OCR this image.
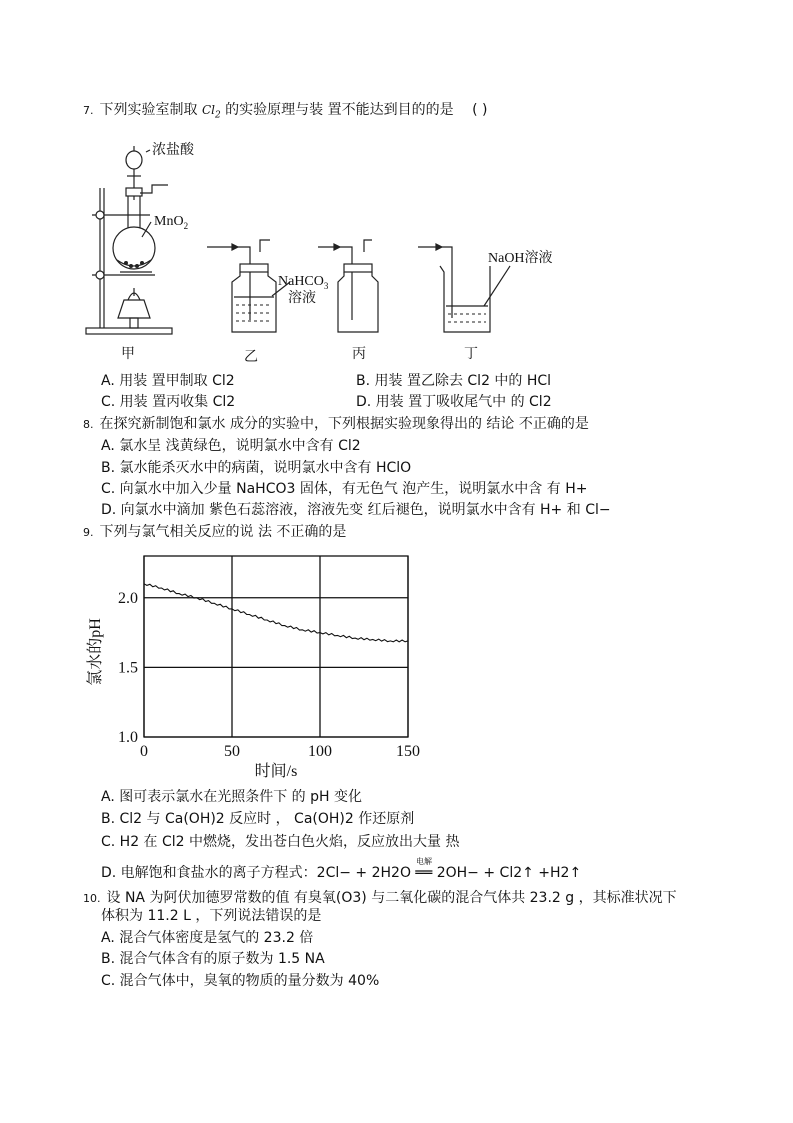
7. 下列实验室制取 $Cl_2$ 的实验原理与装 置不能达到目的的是 ( )
浓盐酸
MnO$_2$
NaHCO$_3$
溶液
NaOH溶液
甲	乙	丙	丁
A. 用装 置甲制取 Cl2	B. 用装 置乙除去 Cl2 中的 HCl
C. 用装 置丙收集 Cl2	D. 用装 置丁吸收尾气中 的 Cl2
8. 在探究新制饱和氯水 成分的实验中，下列根据实验现象得出的 结论 不正确的是
A. 氯水呈 浅黄绿色，说明氯水中含有 Cl2
B. 氯水能杀灭水中的病菌，说明氯水中含有 HClO
C. 向氯水中加入少量 NaHCO3 固体，有无色气 泡产生，说明氯水中含 有 H+
D. 向氯水中滴加 紫色石蕊溶液，溶液先变 红后褪色，说明氯水中含有 H+ 和 Cl−
9. 下列与氯气相关反应的说 法 不正确的是
0	50	100	150
1.0
1.5
2.0
时间/s
氯水的pH
A. 图可表示氯水在光照条件下 的 pH 变化
B. Cl2 与 Ca(OH)2 反应时 ， Ca(OH)2 作还原剂
C. H2 在 Cl2 中燃烧，发出苍白色火焰，反应放出大量 热
D. 电解饱和食盐水的离子方程式：2Cl− + 2H2O ══ 2OH− + Cl2↑ +H2↑
电解
10. 设 NA 为阿伏加德罗常数的值 有臭氧(O3) 与二氧化碳的混合气体共 23.2 g ，其标准状况下
体积为 11.2 L ，下列说法错误的是
A. 混合气体密度是氢气的 23.2 倍
B. 混合气体含有的原子数为 1.5 NA
C. 混合气体中，臭氧的物质的量分数为 40%
